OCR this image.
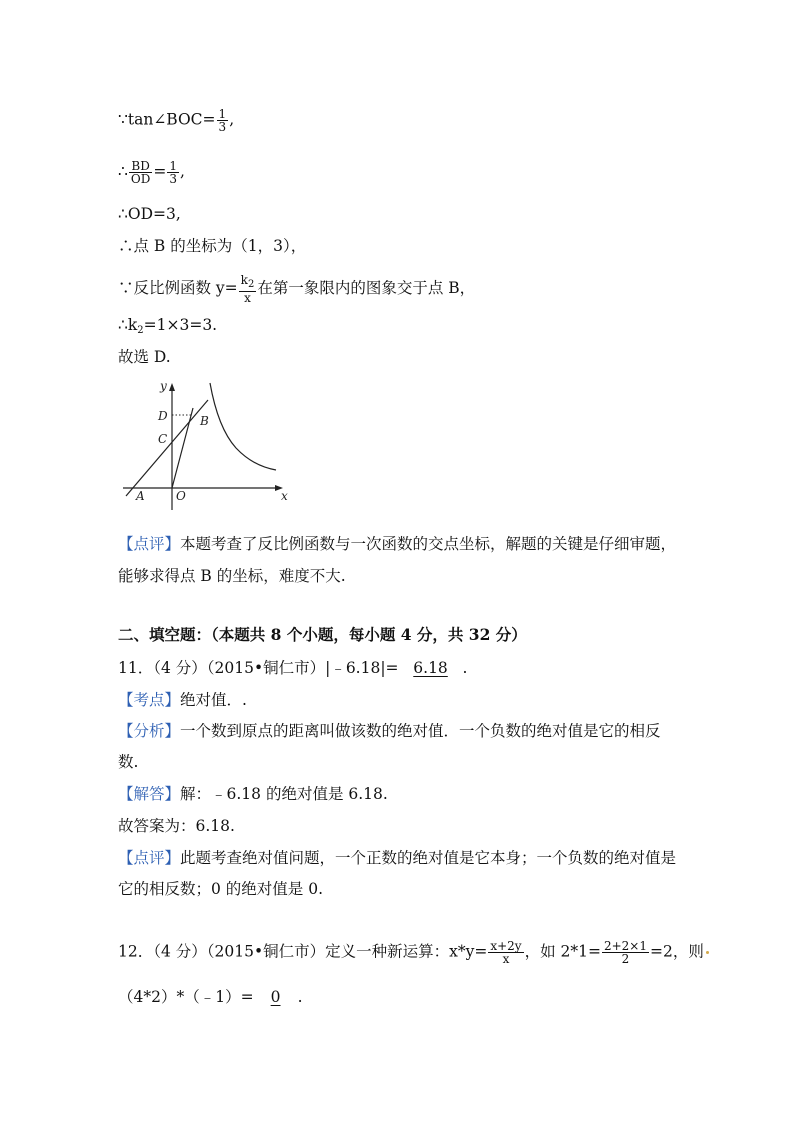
∵tan∠BOC= $\frac{1}{3}$ ,
∴ $\frac{BD}{OD} = \frac{1}{3}$ ,
∴OD=3,
∴点 B 的坐标为（1，3），
∵反比例函数 $y= \frac{k_2}{x}$ 在第一象限内的图象交于点 B，
$\therefore k_2=1\times 3=3$.
故选 D.
y
x
D
C
B
A	O
【点评】本题考查了反比例函数与一次函数的交点坐标，解题的关键是仔细审题，
能够求得点 B 的坐标，难度不大.
二、填空题：（本题共 8 个小题，每小题 4 分，共 32 分）
11．（4 分）（2015•铜仁市）|﹣6.18|= 6.18 .
【考点】绝对值．.
【分析】一个数到原点的距离叫做该数的绝对值．一个负数的绝对值是它的相反
数.
【解答】解：﹣6.18 的绝对值是 6.18.
故答案为：6.18.
【点评】此题考查绝对值问题，一个正数的绝对值是它本身；一个负数的绝对值是
它的相反数；0 的绝对值是 0.
12．（4 分）（2015•铜仁市）定义一种新运算：$x*y= \frac{x+2y}{x}$ ，如 $2*1= \frac{2+2\times 1}{2} =2$，则
（4*2）*（﹣1）= 0 .
